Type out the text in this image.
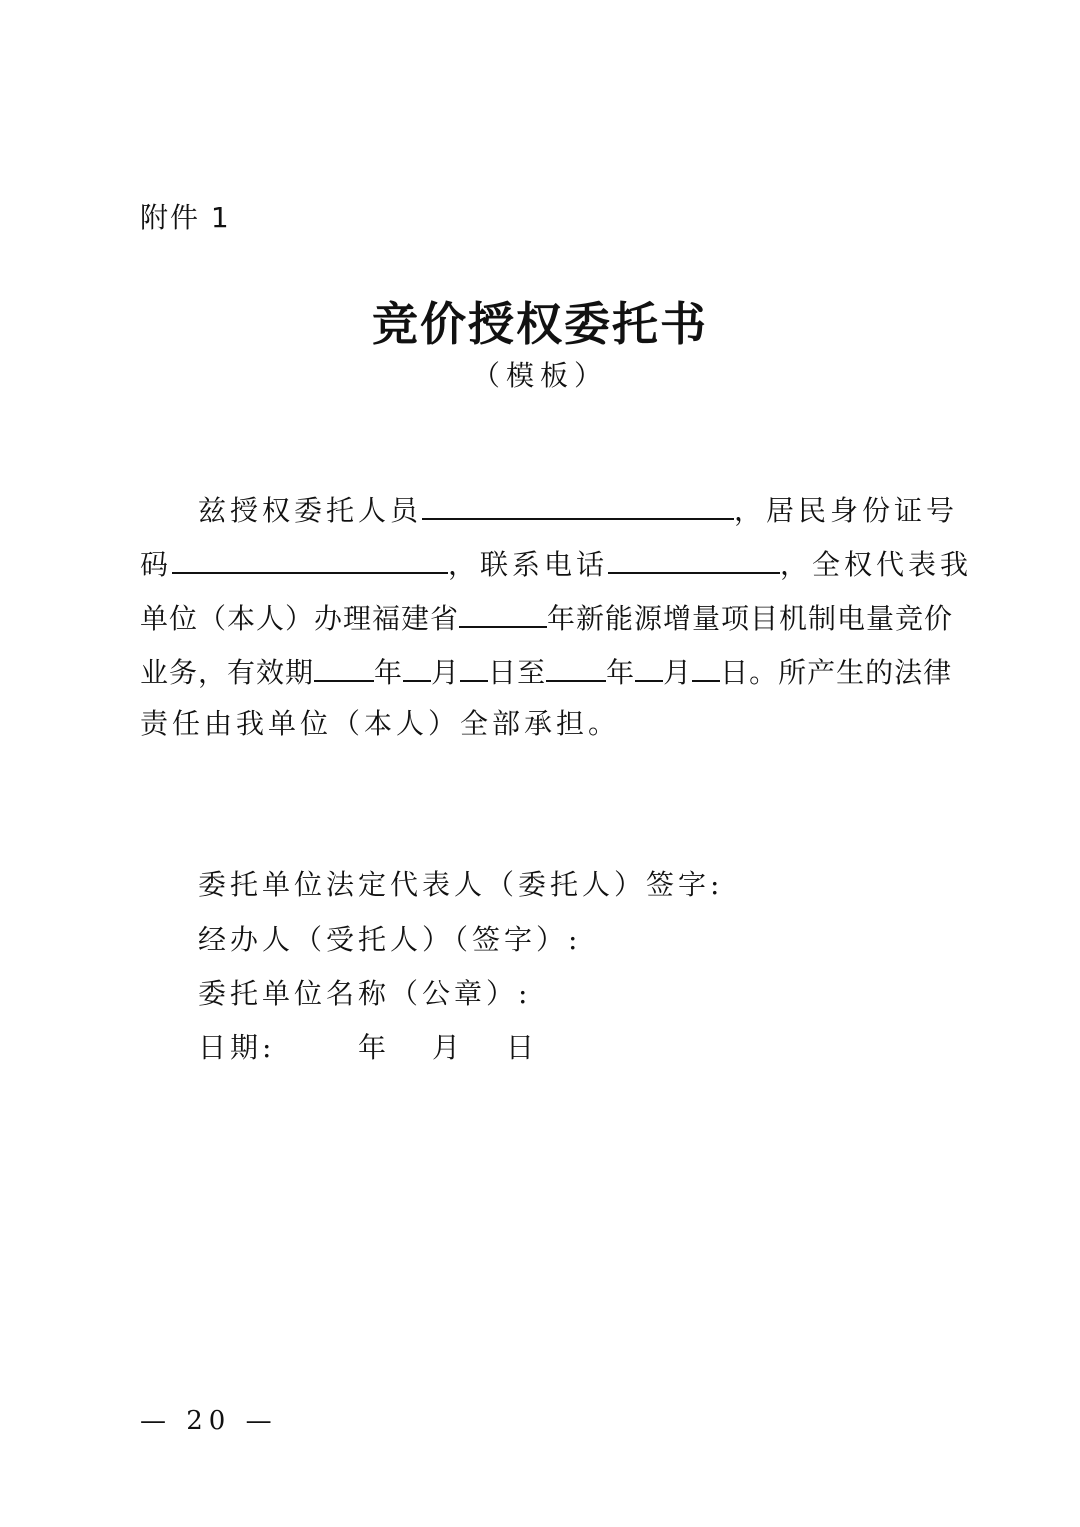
附件 1
竞价授权委托书
（模板）
兹授权委托人员	，居民身份证号
码	，联系电话	，全权代表我
单位（本人）办理福建省	年新能源增量项目机制电量竞价
业务，有效期 年 月 日至 年 月 日。所产生的法律
责任由我单位（本人）全部承担。
委托单位法定代表人（委托人）签字:
经办人（受托人）（签字）:
委托单位名称（公章）:
日期:	年 月 日
— 20 —
